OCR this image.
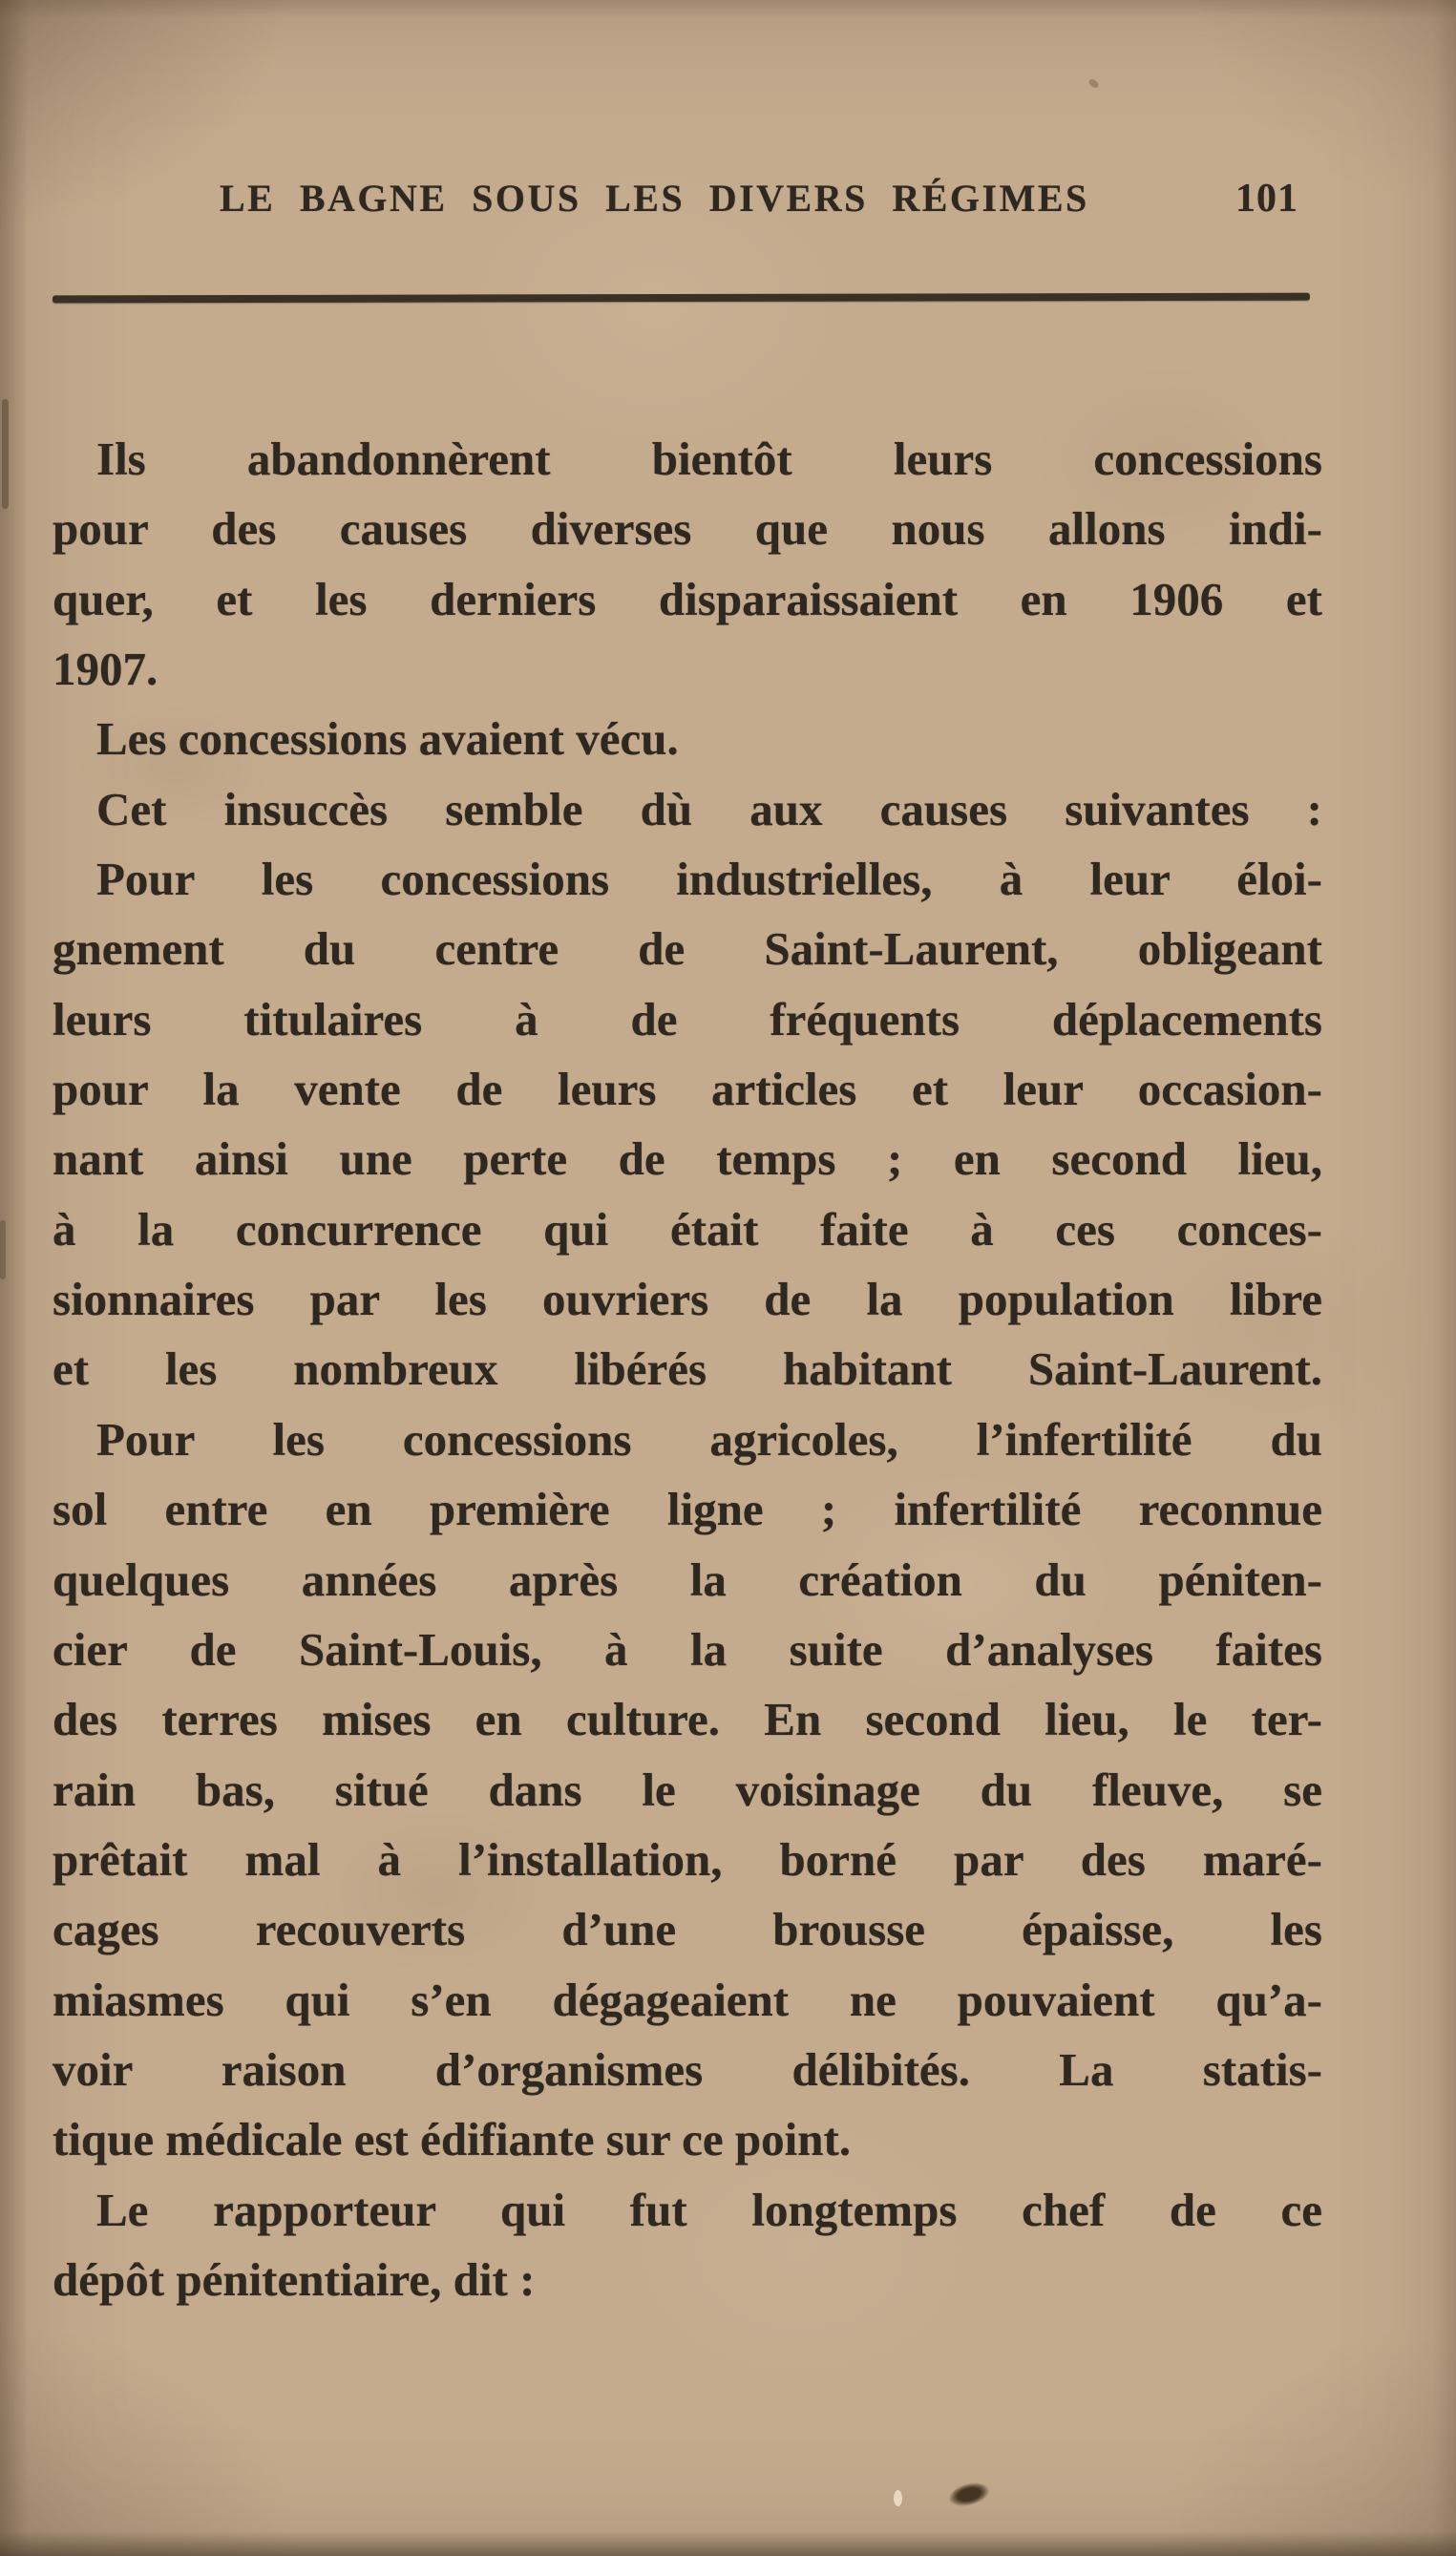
LE BAGNE SOUS LES DIVERS RÉGIMES	101
Ils abandonnèrent bientôt leurs concessions
pour des causes diverses que nous allons indi-
quer, et les derniers disparaissaient en 1906 et
1907.
Les concessions avaient vécu.
Cet insuccès semble dù aux causes suivantes :
Pour les concessions industrielles, à leur éloi-
gnement du centre de Saint-Laurent, obligeant
leurs titulaires à de fréquents déplacements
pour la vente de leurs articles et leur occasion-
nant ainsi une perte de temps ; en second lieu,
à la concurrence qui était faite à ces conces-
sionnaires par les ouvriers de la population libre
et les nombreux libérés habitant Saint-Laurent.
Pour les concessions agricoles, l’infertilité du
sol entre en première ligne ; infertilité reconnue
quelques années après la création du péniten-
cier de Saint-Louis, à la suite d’analyses faites
des terres mises en culture. En second lieu, le ter-
rain bas, situé dans le voisinage du fleuve, se
prêtait mal à l’installation, borné par des maré-
cages recouverts d’une brousse épaisse, les
miasmes qui s’en dégageaient ne pouvaient qu’a-
voir raison d’organismes délibités. La statis-
tique médicale est édifiante sur ce point.
Le rapporteur qui fut longtemps chef de ce
dépôt pénitentiaire, dit :
